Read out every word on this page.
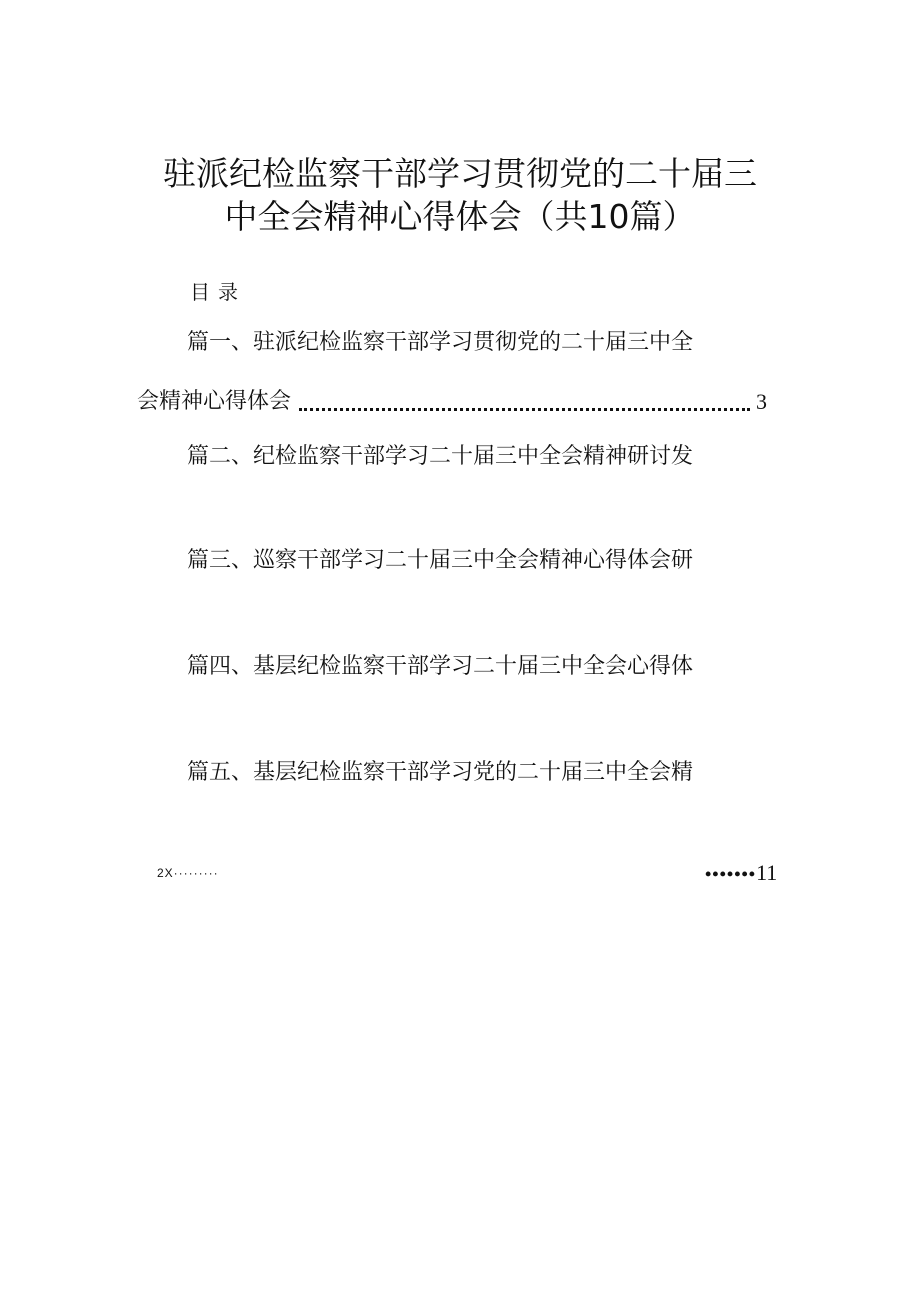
驻派纪检监察干部学习贯彻党的二十届三
中全会精神心得体会（共10篇）
目录
篇一、驻派纪检监察干部学习贯彻党的二十届三中全
会精神心得体会	3
篇二、纪检监察干部学习二十届三中全会精神研讨发
篇三、巡察干部学习二十届三中全会精神心得体会研
篇四、基层纪检监察干部学习二十届三中全会心得体
篇五、基层纪检监察干部学习党的二十届三中全会精
2X·········	•••••••11
